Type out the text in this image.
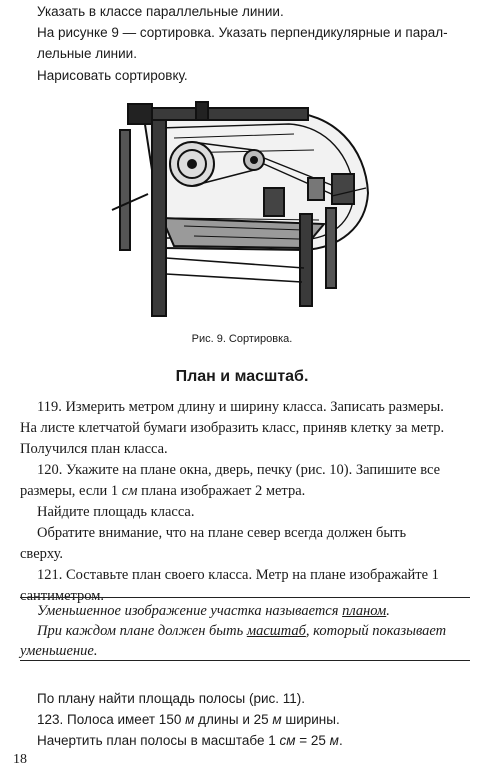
Указать в классе параллельные линии.
На рисунке 9 — сортировка. Указать перпендикулярные и парал-
лельные линии.
Нарисовать сортировку.
Рис. 9. Сортировка.
План и масштаб.
119. Измерить метром длину и ширину класса. Записать размеры.
На листе клетчатой бумаги изобразить класс, приняв клетку за метр.
Получился план класса.
120. Укажите на плане окна, дверь, печку (рис. 10). Запишите все
размеры, если 1 см плана изображает 2 метра.
Найдите площадь класса.
Обратите внимание, что на плане север всегда должен быть
сверху.
121. Составьте план своего класса. Метр на плане изображайте 1
сантиметром.
Уменьшенное изображение участка называется планом.
При каждом плане должен быть масштаб, который показывает
уменьшение.
По плану найти площадь полосы (рис. 11).
123. Полоса имеет 150 м длины и 25 м ширины.
Начертить план полосы в масштабе 1 см = 25 м.
18
